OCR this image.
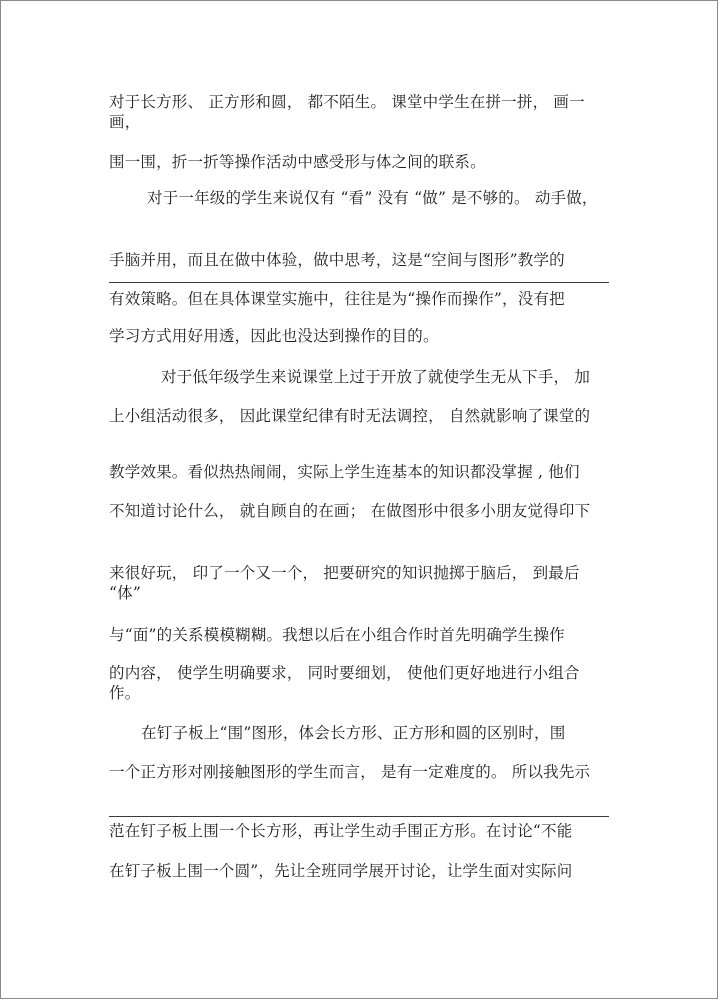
对于长方形、 正方形和圆， 都不陌生。 课堂中学生在拼一拼， 画一画，
围一围，折一折等操作活动中感受形与体之间的联系。
对于一年级的学生来说仅有 “看” 没有 “做” 是不够的。 动手做，
手脑并用，而且在做中体验，做中思考，这是“空间与图形”教学的
有效策略。但在具体课堂实施中，往往是为“操作而操作”，没有把
学习方式用好用透，因此也没达到操作的目的。
对于低年级学生来说课堂上过于开放了就使学生无从下手， 加
上小组活动很多， 因此课堂纪律有时无法调控， 自然就影响了课堂的
教学效果。看似热热闹闹，实际上学生连基本的知识都没掌握 , 他们
不知道讨论什么， 就自顾自的在画； 在做图形中很多小朋友觉得印下
来很好玩， 印了一个又一个， 把要研究的知识抛掷于脑后， 到最后 “体”
与“面”的关系模模糊糊。我想以后在小组合作时首先明确学生操作
的内容， 使学生明确要求， 同时要细划， 使他们更好地进行小组合作。
在钉子板上“围”图形，体会长方形、正方形和圆的区别时，围
一个正方形对刚接触图形的学生而言， 是有一定难度的。 所以我先示
范在钉子板上围一个长方形，再让学生动手围正方形。在讨论“不能
在钉子板上围一个圆”，先让全班同学展开讨论，让学生面对实际问
